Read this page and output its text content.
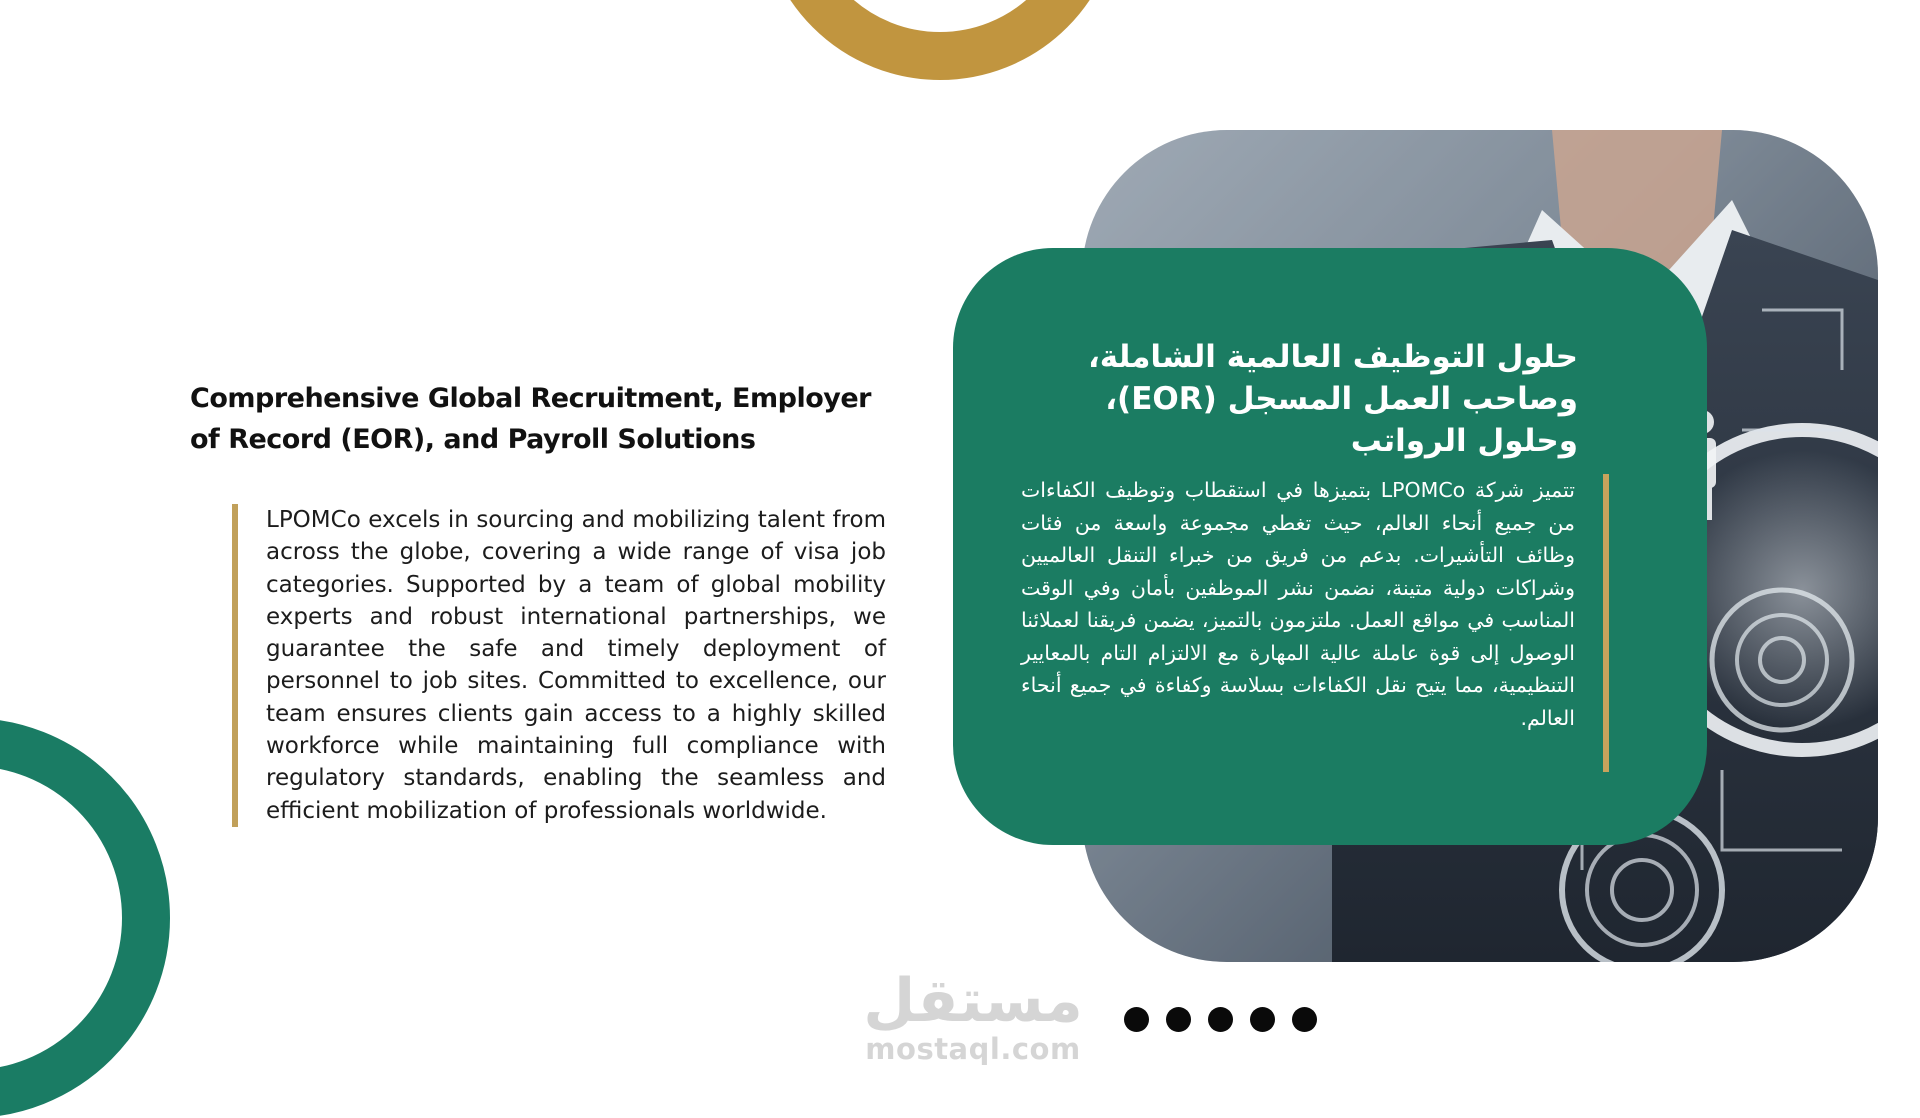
Comprehensive Global Recruitment, Employer of Record (EOR), and Payroll Solutions

LPOMCo excels in sourcing and mobilizing talent from across the globe, covering a wide range of visa job categories. Supported by a team of global mobility experts and robust international partnerships, we guarantee the safe and timely deployment of personnel to job sites. Committed to excellence, our team ensures clients gain access to a highly skilled workforce while maintaining full compliance with regulatory standards, enabling the seamless and efficient mobilization of professionals worldwide.

حلول التوظيف العالمية الشاملة، وصاحب العمل المسجل (EOR)، وحلول الرواتب

تتميز شركة LPOMCo بتميزها في استقطاب وتوظيف الكفاءات من جميع أنحاء العالم، حيث تغطي مجموعة واسعة من فئات وظائف التأشيرات. بدعم من فريق من خبراء التنقل العالميين وشراكات دولية متينة، نضمن نشر الموظفين بأمان وفي الوقت المناسب في مواقع العمل. ملتزمون بالتميز، يضمن فريقنا لعملائنا الوصول إلى قوة عاملة عالية المهارة مع الالتزام التام بالمعايير التنظيمية، مما يتيح نقل الكفاءات بسلاسة وكفاءة في جميع أنحاء العالم.

مستقل
mostaql.com
